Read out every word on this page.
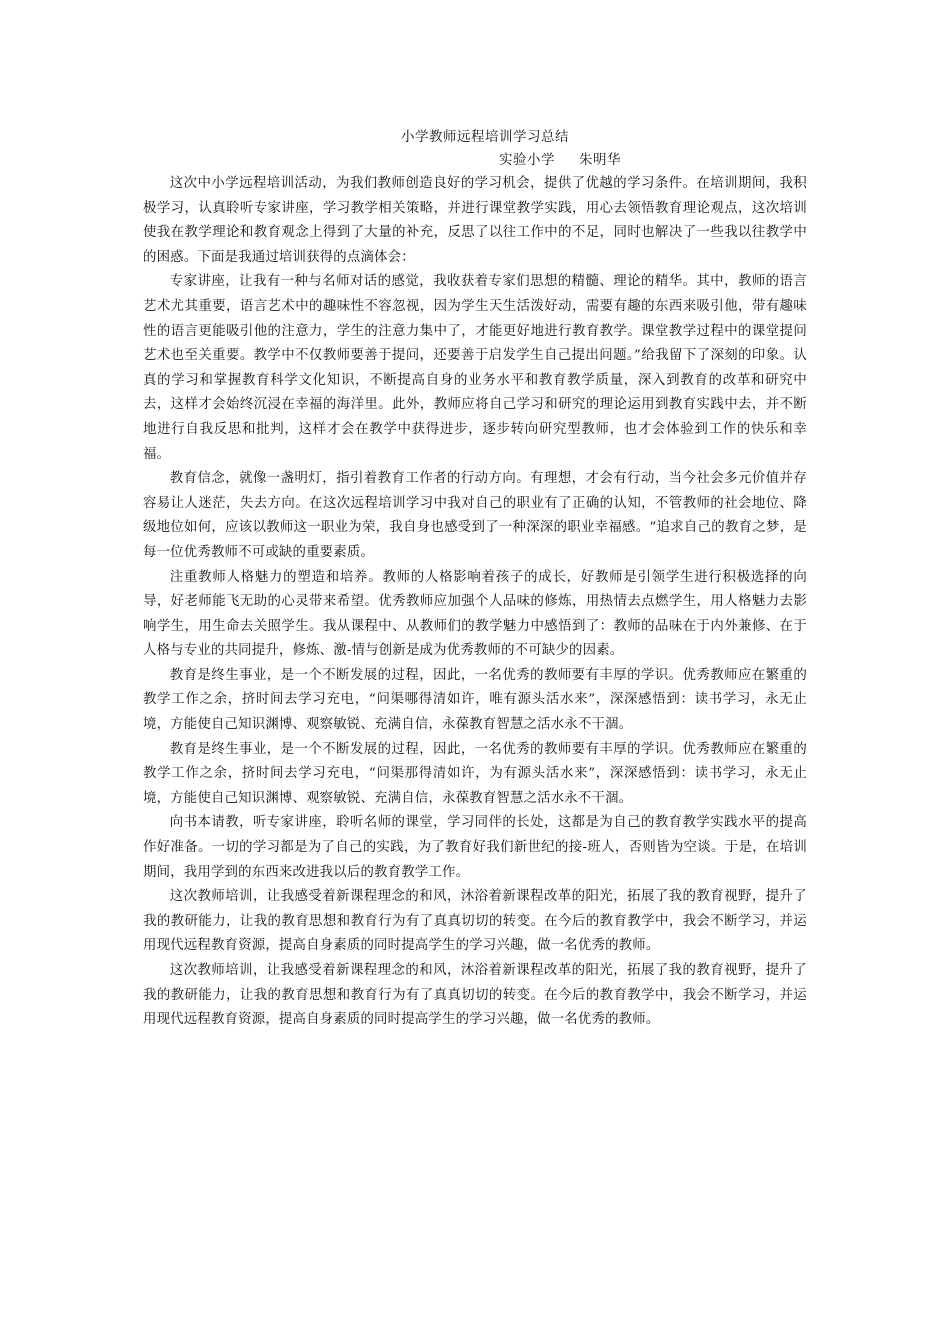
小学教师远程培训学习总结

实验小学 朱明华

这次中小学远程培训活动，为我们教师创造良好的学习机会，提供了优越的学习条件。在培训期间，我积极学习，认真聆听专家讲座，学习教学相关策略，并进行课堂教学实践，用心去领悟教育理论观点，这次培训使我在教学理论和教育观念上得到了大量的补充，反思了以往工作中的不足，同时也解决了一些我以往教学中的困惑。下面是我通过培训获得的点滴体会：

专家讲座，让我有一种与名师对话的感觉，我收获着专家们思想的精髓、理论的精华。其中，教师的语言艺术尤其重要，语言艺术中的趣味性不容忽视，因为学生天生活泼好动，需要有趣的东西来吸引他，带有趣味性的语言更能吸引他的注意力，学生的注意力集中了，才能更好地进行教育教学。课堂教学过程中的课堂提问艺术也至关重要。教学中不仅教师要善于提问，还要善于启发学生自己提出问题。”给我留下了深刻的印象。认真的学习和掌握教育科学文化知识，不断提高自身的业务水平和教育教学质量，深入到教育的改革和研究中去，这样才会始终沉浸在幸福的海洋里。此外，教师应将自己学习和研究的理论运用到教育实践中去，并不断地进行自我反思和批判，这样才会在教学中获得进步，逐步转向研究型教师，也才会体验到工作的快乐和幸福。

教育信念，就像一盏明灯，指引着教育工作者的行动方向。有理想，才会有行动，当今社会多元价值并存容易让人迷茫，失去方向。在这次远程培训学习中我对自己的职业有了正确的认知，不管教师的社会地位、降级地位如何，应该以教师这一职业为荣，我自身也感受到了一种深深的职业幸福感。“追求自己的教育之梦，是每一位优秀教师不可或缺的重要素质。

注重教师人格魅力的塑造和培养。教师的人格影响着孩子的成长，好教师是引领学生进行积极选择的向导，好老师能飞无助的心灵带来希望。优秀教师应加强个人品味的修炼，用热情去点燃学生，用人格魅力去影响学生，用生命去关照学生。我从课程中、从教师们的教学魅力中感悟到了：教师的品味在于内外兼修、在于人格与专业的共同提升，修炼、激-情与创新是成为优秀教师的不可缺少的因素。

教育是终生事业，是一个不断发展的过程，因此，一名优秀的教师要有丰厚的学识。优秀教师应在繁重的教学工作之余，挤时间去学习充电，“问渠哪得清如许，唯有源头活水来”，深深感悟到：读书学习，永无止境，方能使自己知识渊博、观察敏锐、充满自信，永葆教育智慧之活水永不干涸。

教育是终生事业，是一个不断发展的过程，因此，一名优秀的教师要有丰厚的学识。优秀教师应在繁重的教学工作之余，挤时间去学习充电，“问渠那得清如许，为有源头活水来”，深深感悟到：读书学习，永无止境，方能使自己知识渊博、观察敏锐、充满自信，永葆教育智慧之活水永不干涸。

向书本请教，听专家讲座，聆听名师的课堂，学习同伴的长处，这都是为自己的教育教学实践水平的提高作好准备。一切的学习都是为了自己的实践，为了教育好我们新世纪的接-班人，否则皆为空谈。于是，在培训期间，我用学到的东西来改进我以后的教育教学工作。

这次教师培训，让我感受着新课程理念的和风，沐浴着新课程改革的阳光，拓展了我的教育视野，提升了我的教研能力，让我的教育思想和教育行为有了真真切切的转变。在今后的教育教学中，我会不断学习，并运用现代远程教育资源，提高自身素质的同时提高学生的学习兴趣，做一名优秀的教师。

这次教师培训，让我感受着新课程理念的和风，沐浴着新课程改革的阳光，拓展了我的教育视野，提升了我的教研能力，让我的教育思想和教育行为有了真真切切的转变。在今后的教育教学中，我会不断学习，并运用现代远程教育资源，提高自身素质的同时提高学生的学习兴趣，做一名优秀的教师。
